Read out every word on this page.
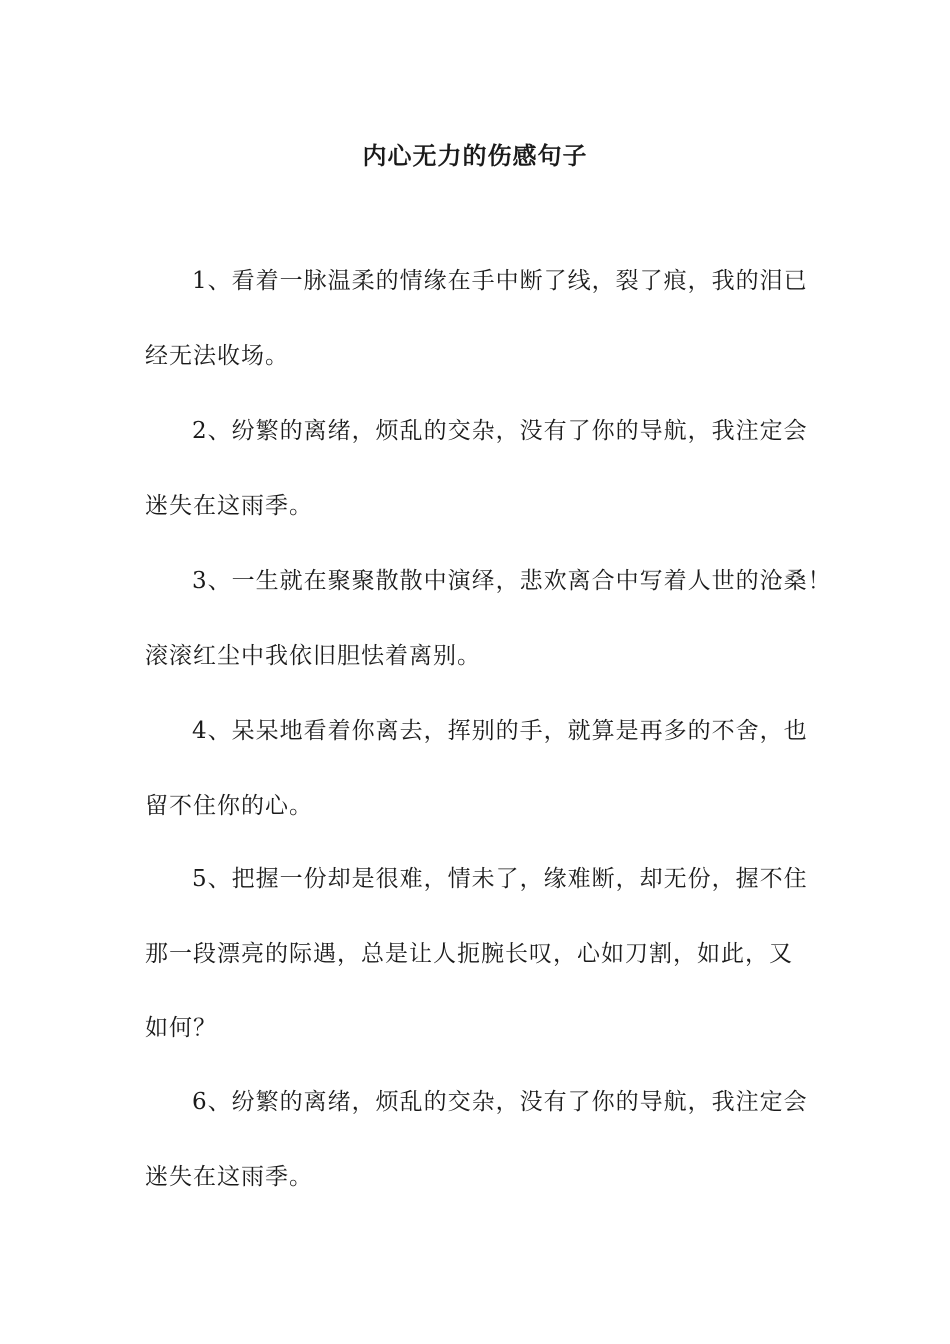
内心无力的伤感句子
1、看着一脉温柔的情缘在手中断了线，裂了痕，我的泪已
经无法收场。
2、纷繁的离绪，烦乱的交杂，没有了你的导航，我注定会
迷失在这雨季。
3、一生就在聚聚散散中演绎，悲欢离合中写着人世的沧桑！
滚滚红尘中我依旧胆怯着离别。
4、呆呆地看着你离去，挥别的手，就算是再多的不舍，也
留不住你的心。
5、把握一份却是很难，情未了，缘难断，却无份，握不住
那一段漂亮的际遇，总是让人扼腕长叹，心如刀割，如此，又
如何？
6、纷繁的离绪，烦乱的交杂，没有了你的导航，我注定会
迷失在这雨季。
